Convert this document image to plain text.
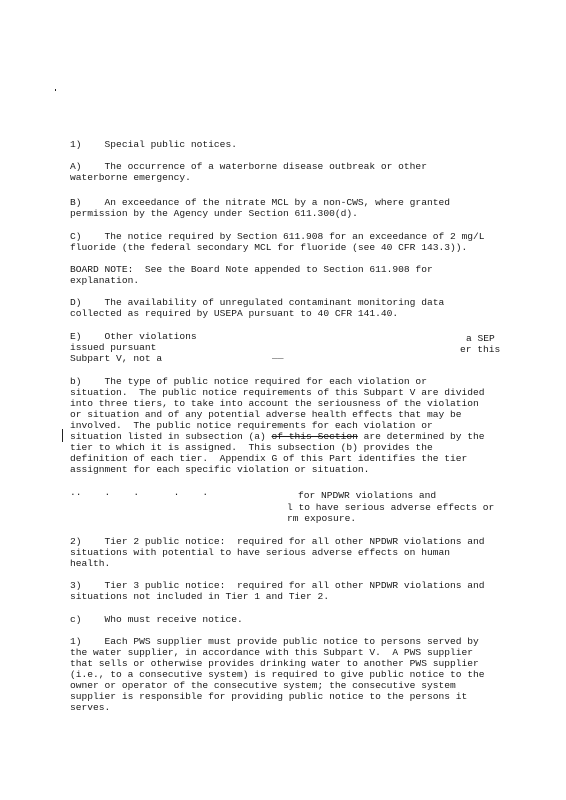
1)    Special public notices.
A)    The occurrence of a waterborne disease outbreak or other
waterborne emergency.
B)    An exceedance of the nitrate MCL by a non-CWS, where granted
permission by the Agency under Section 611.300(d).
C)    The notice required by Section 611.908 for an exceedance of 2 mg/L
fluoride (the federal secondary MCL for fluoride (see 40 CFR 143.3)).
BOARD NOTE:  See the Board Note appended to Section 611.908 for
explanation.
D)    The availability of unregulated contaminant monitoring data
collected as required by USEPA pursuant to 40 CFR 141.40.
E)    Other violations	a SEP
issued pursuant	er this
Subpart V, not a	__
b)    The type of public notice required for each violation or
situation.  The public notice requirements of this Subpart V are divided
into three tiers, to take into account the seriousness of the violation
or situation and of any potential adverse health effects that may be
involved.  The public notice requirements for each violation or
situation listed in subsection (a) of this Section are determined by the
tier to which it is assigned.  This subsection (b) provides the
definition of each tier.  Appendix G of this Part identifies the tier
assignment for each specific violation or situation.
..    .    .      .    .	for NPDWR violations and
l to have serious adverse effects or
rm exposure.
2)    Tier 2 public notice:  required for all other NPDWR violations and
situations with potential to have serious adverse effects on human
health.
3)    Tier 3 public notice:  required for all other NPDWR violations and
situations not included in Tier 1 and Tier 2.
c)    Who must receive notice.
1)    Each PWS supplier must provide public notice to persons served by
the water supplier, in accordance with this Subpart V.  A PWS supplier
that sells or otherwise provides drinking water to another PWS supplier
(i.e., to a consecutive system) is required to give public notice to the
owner or operator of the consecutive system; the consecutive system
supplier is responsible for providing public notice to the persons it
serves.
